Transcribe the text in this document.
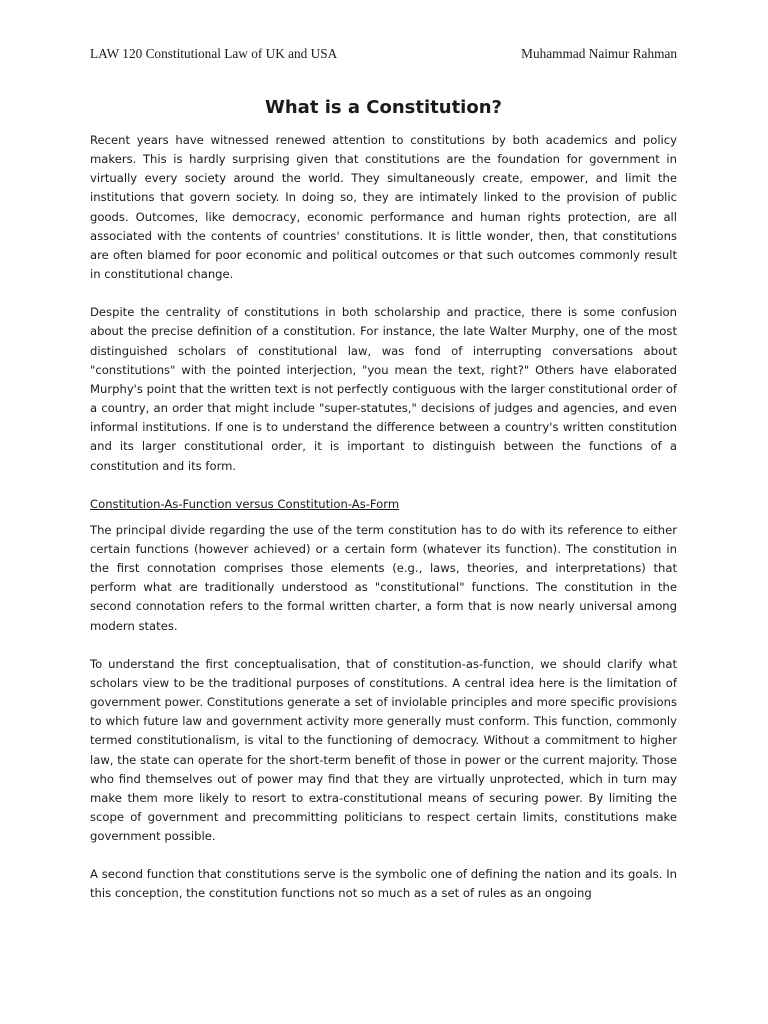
LAW 120 Constitutional Law of UK and USA	Muhammad Naimur Rahman
What is a Constitution?

Recent years have witnessed renewed attention to constitutions by both academics and policy makers. This is hardly surprising given that constitutions are the foundation for government in virtually every society around the world. They simultaneously create, empower, and limit the institutions that govern society. In doing so, they are intimately linked to the provision of public goods. Outcomes, like democracy, economic performance and human rights protection, are all associated with the contents of countries' constitutions. It is little wonder, then, that constitutions are often blamed for poor economic and political outcomes or that such outcomes commonly result in constitutional change.

Despite the centrality of constitutions in both scholarship and practice, there is some confusion about the precise definition of a constitution. For instance, the late Walter Murphy, one of the most distinguished scholars of constitutional law, was fond of interrupting conversations about "constitutions" with the pointed interjection, "you mean the text, right?" Others have elaborated Murphy's point that the written text is not perfectly contiguous with the larger constitutional order of a country, an order that might include "super-statutes," decisions of judges and agencies, and even informal institutions. If one is to understand the difference between a country's written constitution and its larger constitutional order, it is important to distinguish between the functions of a constitution and its form.

Constitution-As-Function versus Constitution-As-Form

The principal divide regarding the use of the term constitution has to do with its reference to either certain functions (however achieved) or a certain form (whatever its function). The constitution in the first connotation comprises those elements (e.g., laws, theories, and interpretations) that perform what are traditionally understood as "constitutional" functions. The constitution in the second connotation refers to the formal written charter, a form that is now nearly universal among modern states.

To understand the first conceptualisation, that of constitution-as-function, we should clarify what scholars view to be the traditional purposes of constitutions. A central idea here is the limitation of government power. Constitutions generate a set of inviolable principles and more specific provisions to which future law and government activity more generally must conform. This function, commonly termed constitutionalism, is vital to the functioning of democracy. Without a commitment to higher law, the state can operate for the short-term benefit of those in power or the current majority. Those who find themselves out of power may find that they are virtually unprotected, which in turn may make them more likely to resort to extra-constitutional means of securing power. By limiting the scope of government and precommitting politicians to respect certain limits, constitutions make government possible.

A second function that constitutions serve is the symbolic one of defining the nation and its goals. In this conception, the constitution functions not so much as a set of rules as an ongoing
